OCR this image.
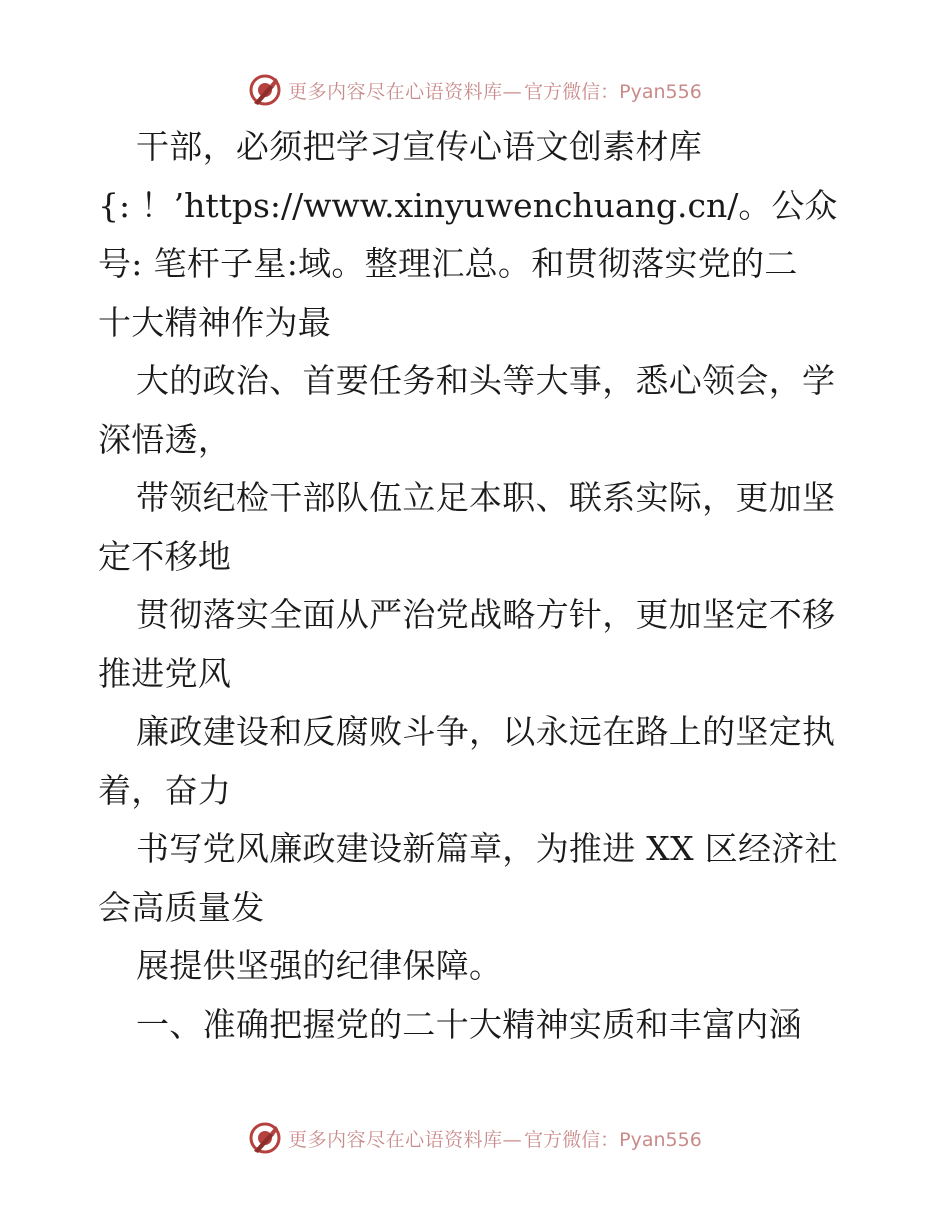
更多内容尽在心语资料库— 官方微信：Pyan556
干部，必须把学习宣传心语文创素材库
{: ！’https://www.xinyuwenchuang.cn/。公众
号: 笔杆子星:域。整理汇总。和贯彻落实党的二
十大精神作为最
大的政治、首要任务和头等大事，悉心领会，学
深悟透，
带领纪检干部队伍立足本职、联系实际，更加坚
定不移地
贯彻落实全面从严治党战略方针，更加坚定不移
推进党风
廉政建设和反腐败斗争，以永远在路上的坚定执
着，奋力
书写党风廉政建设新篇章，为推进 XX 区经济社
会高质量发
展提供坚强的纪律保障。
一、准确把握党的二十大精神实质和丰富内涵
更多内容尽在心语资料库— 官方微信：Pyan556
